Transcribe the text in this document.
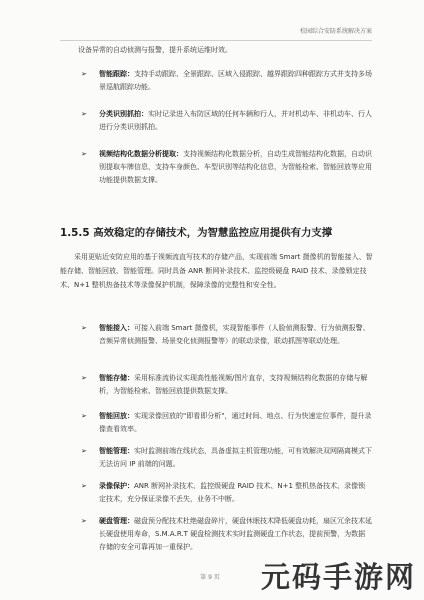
校园综合安防系统解决方案
设备异常的自动侦测与报警，提升系统运维时效。
➢	智能跟踪：支持手动跟踪、全景跟踪、区域入侵跟踪、越界跟踪四种跟踪方式并支持多场景巡航跟踪功能。
➢	分类识别抓拍：实时记录进入布防区域的任何车辆和行人，并对机动车、非机动车、行人进行分类识别抓拍。
➢	视频结构化数据分析提取：支持视频结构化数据分析，自动生成智能结构化数据，自动识别提取车牌信息，支持车身颜色、车型识别等结构化信息，为智能检索、智能回放等应用功能提供数据支撑。
1.5.5 高效稳定的存储技术，为智慧监控应用提供有力支撑
采用更贴近安防应用的基于视频流直写技术的存储产品，实现前端 Smart 摄像机的智能接入、智能存储、智能回放、智能管理。同时具备 ANR 断网补录技术、监控级硬盘 RAID 技术、录像锁定技术、N+1 整机热备技术等录像保护机制，保障录像的完整性和安全性。
➢	智能接入：可接入前端 Smart 摄像机，实现智能事件（人脸侦测报警、行为侦测报警、音频异常侦测报警、场景变化侦测报警等）的联动录像，联动抓图等联动处理。
➢	智能存储：采用标准流协议实现高性能视频/图片直存，支持视频结构化数据的存储与解析，为智能检索、智能回放提供数据支撑。
➢	智能回放：实现录像回放的"即看即分析"，通过时间、地点、行为快速定位事件，提升录像查看效率。
➢	智能管理：实时监测前端在线状态，具备虚拟主机管理功能，可有效解决双网隔离模式下无法访问 IP 前端的问题。
➢	录像保护：ANR 断网补录技术、监控级硬盘 RAID 技术、N+1 整机热备技术、录像锁定技术，充分保证录像不丢失，业务不中断。
➢	硬盘管理：磁盘预分配技术杜绝磁盘碎片，硬盘休眠技术降低硬盘功耗，扇区冗余技术延长硬盘使用寿命，S.M.A.R.T 硬盘检测技术实时监测硬盘工作状态，提前预警，为数据存储的安全可靠再加一重保护。
第 9 页	元码手游网
